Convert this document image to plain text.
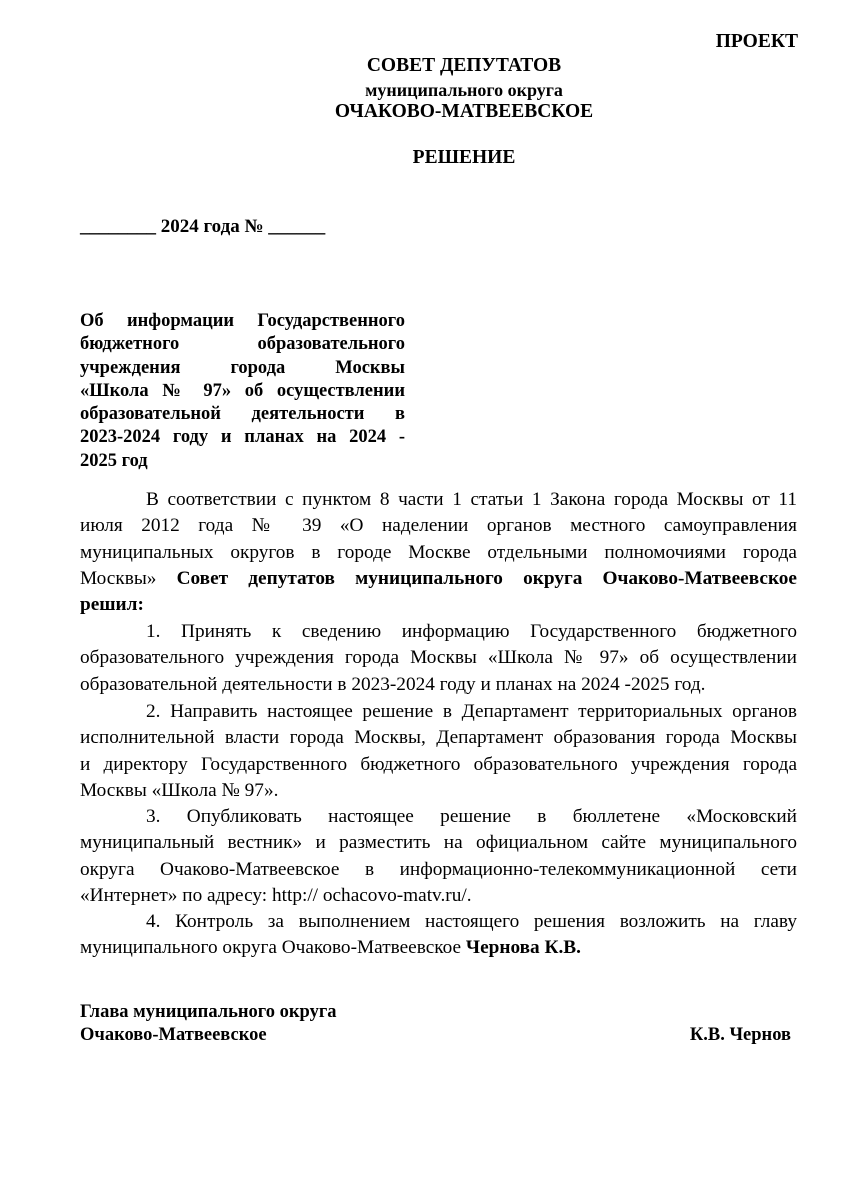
ПРОЕКТ
СОВЕТ ДЕПУТАТОВ
муниципального округа
ОЧАКОВО-МАТВЕЕВСКОЕ
РЕШЕНИЕ
________ 2024 года № ______
Об информации Государственного
бюджетного образовательного
учреждения города Москвы
«Школа № 97» об осуществлении
образовательной деятельности в
2023-2024 году и планах на 2024 -
2025 год
В соответствии с пунктом 8 части 1 статьи 1 Закона города Москвы от 11
июля 2012 года № 39 «О наделении органов местного самоуправления
муниципальных округов в городе Москве отдельными полномочиями города
Москвы» Совет депутатов муниципального округа Очаково-Матвеевское
решил:
1. Принять к сведению информацию Государственного бюджетного
образовательного учреждения города Москвы «Школа № 97» об осуществлении
образовательной деятельности в 2023-2024 году и планах на 2024 -2025 год.
2. Направить настоящее решение в Департамент территориальных органов
исполнительной власти города Москвы, Департамент образования города Москвы
и директору Государственного бюджетного образовательного учреждения города
Москвы «Школа № 97».
3. Опубликовать настоящее решение в бюллетене «Московский
муниципальный вестник» и разместить на официальном сайте муниципального
округа Очаково-Матвеевское в информационно-телекоммуникационной сети
«Интернет» по адресу: http:// ochacovo-matv.ru/.
4. Контроль за выполнением настоящего решения возложить на главу
муниципального округа Очаково-Матвеевское Чернова К.В.
Глава муниципального округа
Очаково-Матвеевское	К.В. Чернов
